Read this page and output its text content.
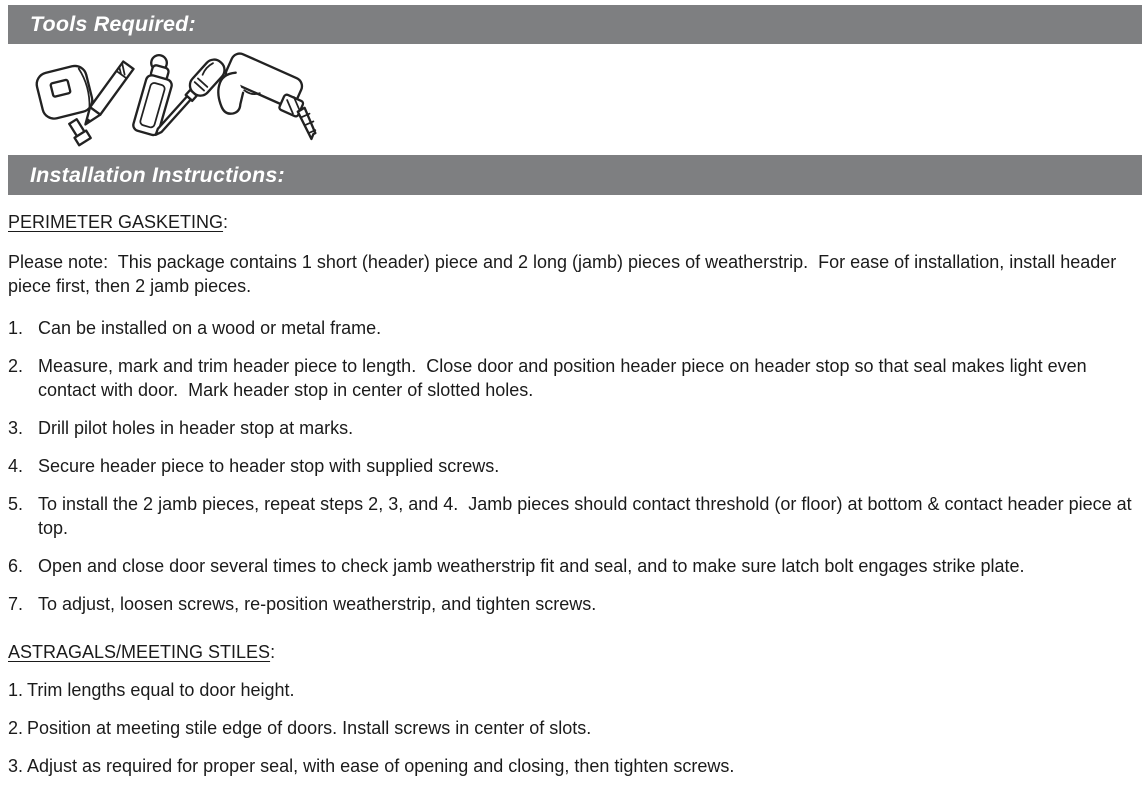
Tools Required:
Installation Instructions:
PERIMETER GASKETING:

Please note:  This package contains 1 short (header) piece and 2 long (jamb) pieces of weatherstrip.  For ease of installation, install header piece first, then 2 jamb pieces.

1. Can be installed on a wood or metal frame.
2. Measure, mark and trim header piece to length.  Close door and position header piece on header stop so that seal makes light even contact with door.  Mark header stop in center of slotted holes.
3. Drill pilot holes in header stop at marks.
4. Secure header piece to header stop with supplied screws.
5. To install the 2 jamb pieces, repeat steps 2, 3, and 4.  Jamb pieces should contact threshold (or floor) at bottom & contact header piece at top.
6. Open and close door several times to check jamb weatherstrip fit and seal, and to make sure latch bolt engages strike plate.
7. To adjust, loosen screws, re-position weatherstrip, and tighten screws.
ASTRAGALS/MEETING STILES:
1. Trim lengths equal to door height.
2. Position at meeting stile edge of doors. Install screws in center of slots.
3. Adjust as required for proper seal, with ease of opening and closing, then tighten screws.
